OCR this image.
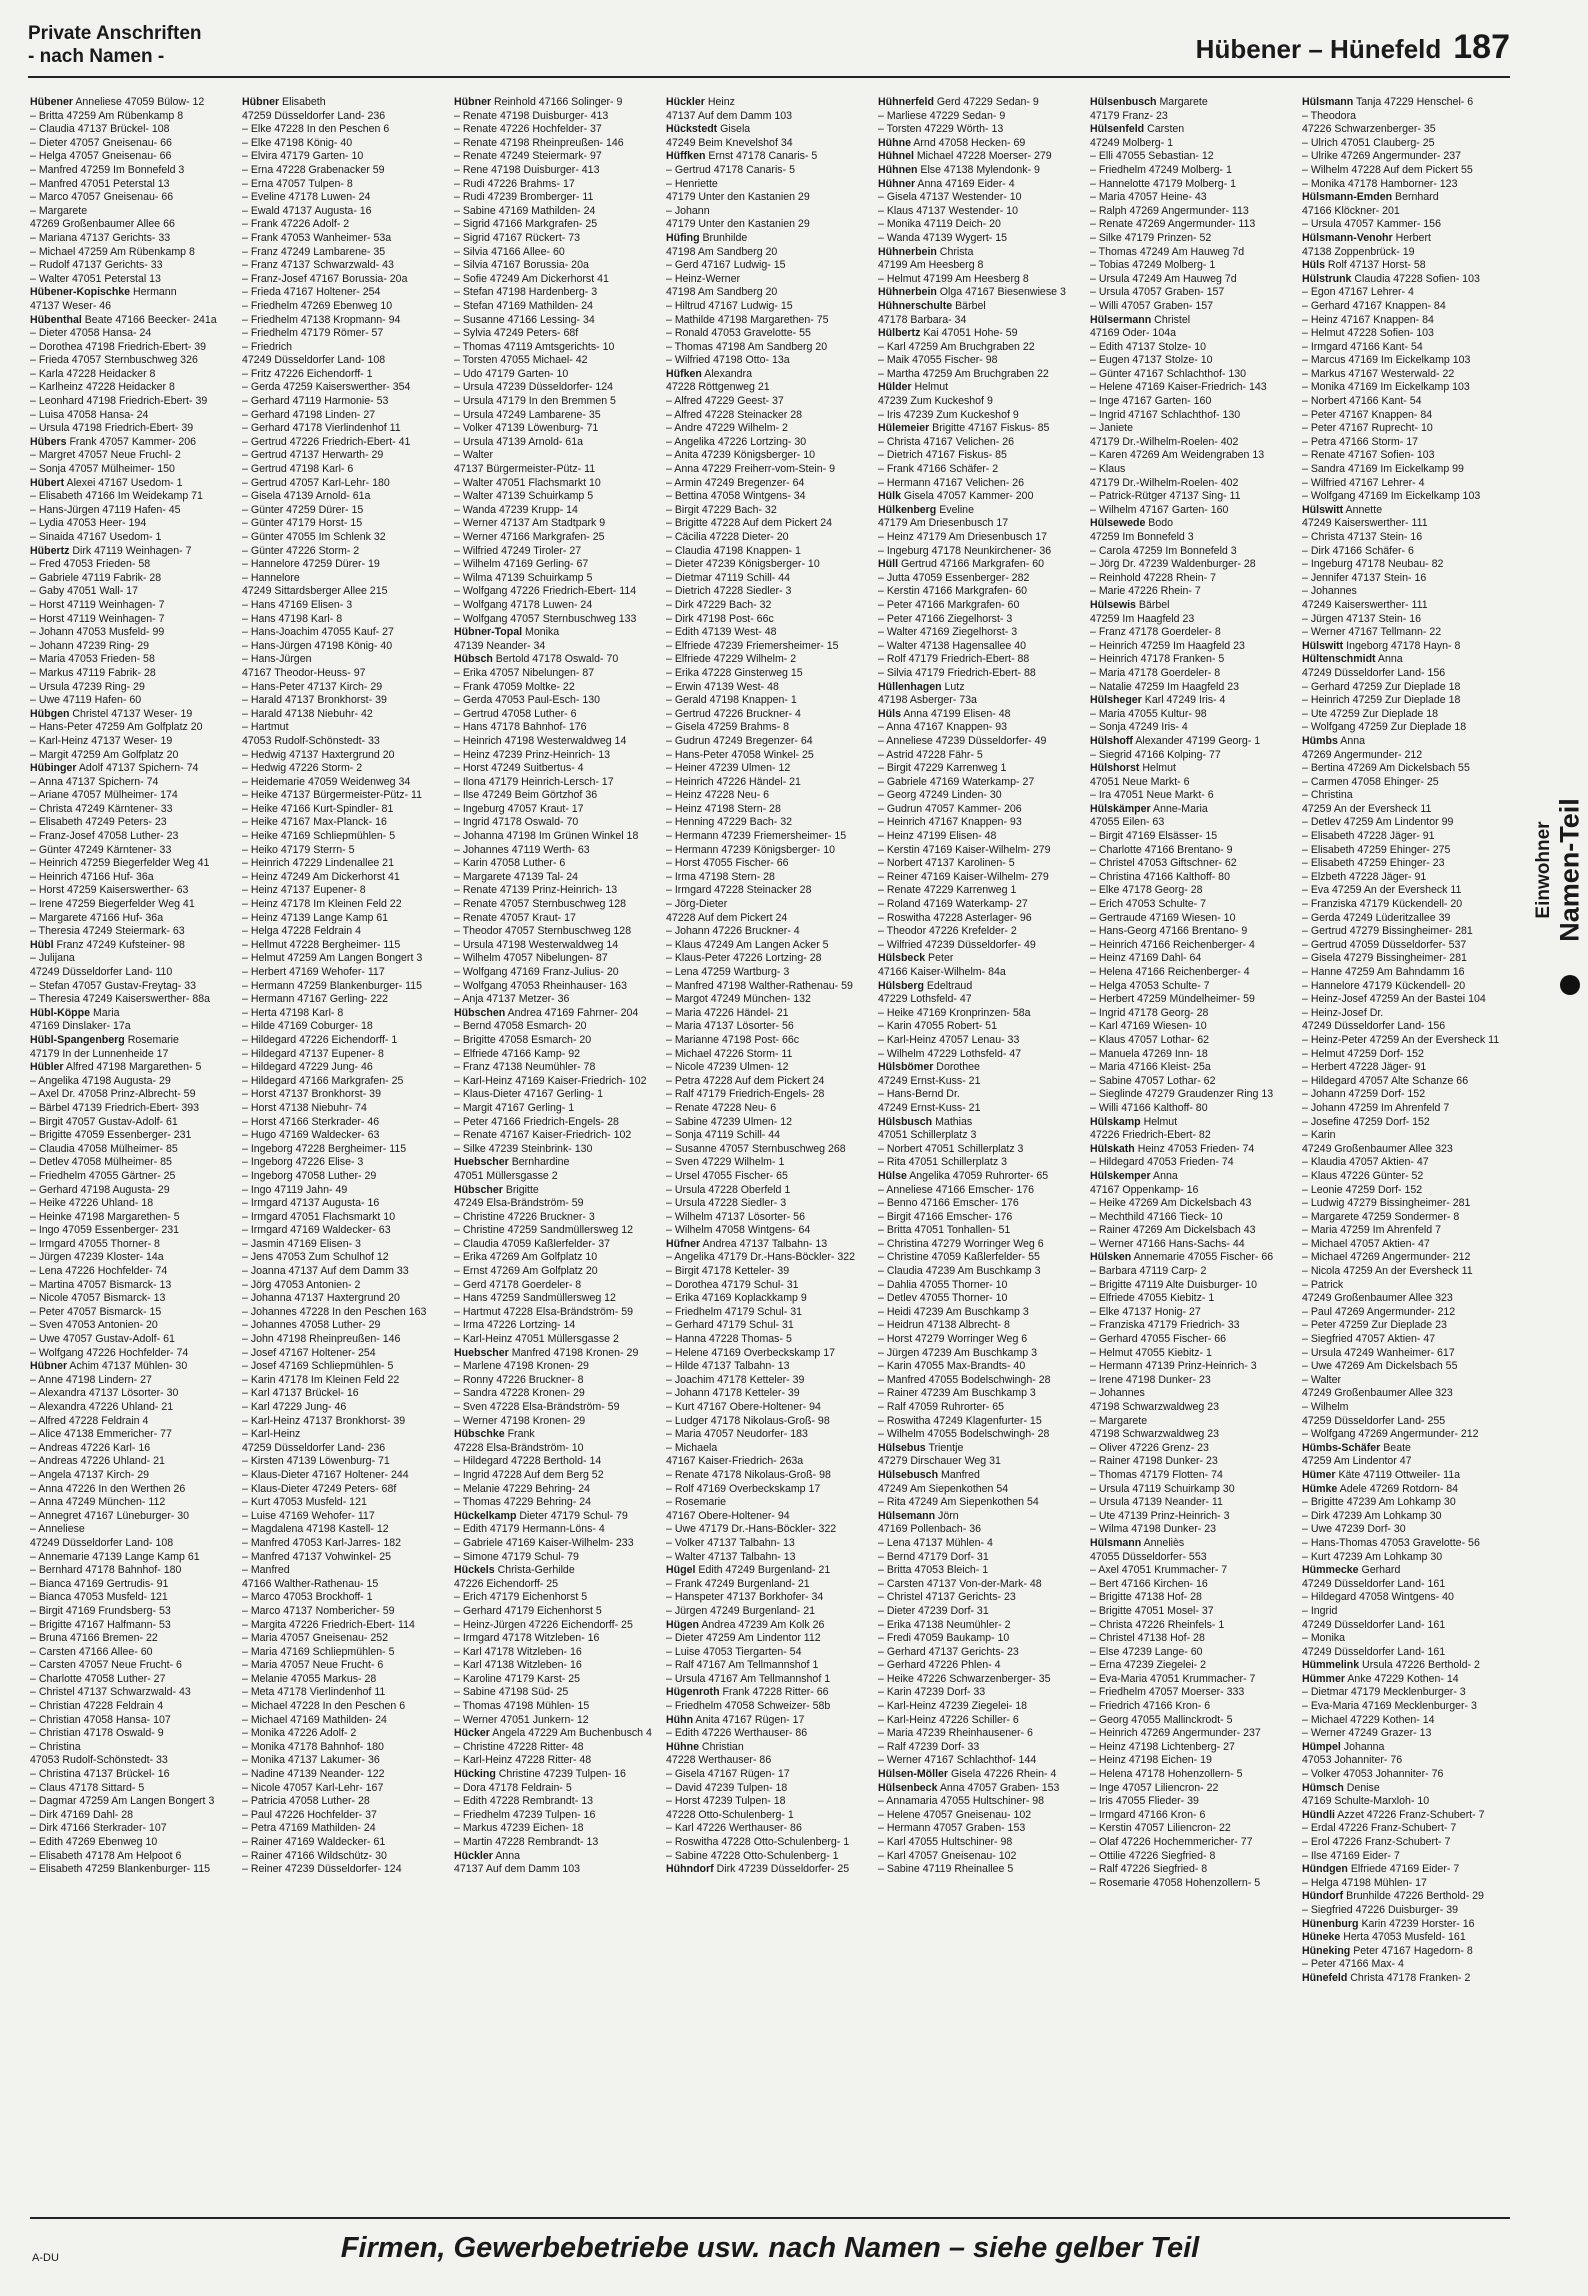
Private Anschriften
- nach Namen -	Hübener – Hünefeld 187
Hübener Anneliese 47059 Bülow- 12
– Britta 47259 Am Rübenkamp 8
– Claudia 47137 Brückel- 108
– Dieter 47057 Gneisenau- 66
– Helga 47057 Gneisenau- 66
– Manfred 47259 Im Bonnefeld 3
– Manfred 47051 Peterstal 13
– Marco 47057 Gneisenau- 66
– Margarete
47269 Großenbaumer Allee 66
– Mariana 47137 Gerichts- 33
– Michael 47259 Am Rübenkamp 8
– Rudolf 47137 Gerichts- 33
– Walter 47051 Peterstal 13
Hübener-Kopischke Hermann
47137 Weser- 46
Hübenthal Beate 47166 Beecker- 241a
– Dieter 47058 Hansa- 24
– Dorothea 47198 Friedrich-Ebert- 39
– Frieda 47057 Sternbuschweg 326
– Karla 47228 Heidacker 8
– Karlheinz 47228 Heidacker 8
– Leonhard 47198 Friedrich-Ebert- 39
– Luisa 47058 Hansa- 24
– Ursula 47198 Friedrich-Ebert- 39
Hübers Frank 47057 Kammer- 206
– Margret 47057 Neue Fruchl- 2
– Sonja 47057 Mülheimer- 150
Hübert Alexei 47167 Usedom- 1
– Elisabeth 47166 Im Weidekamp 71
– Hans-Jürgen 47119 Hafen- 45
– Lydia 47053 Heer- 194
– Sinaida 47167 Usedom- 1
Hübertz Dirk 47119 Weinhagen- 7
– Fred 47053 Frieden- 58
– Gabriele 47119 Fabrik- 28
– Gaby 47051 Wall- 17
– Horst 47119 Weinhagen- 7
– Horst 47119 Weinhagen- 7
– Johann 47053 Musfeld- 99
– Johann 47239 Ring- 29
– Maria 47053 Frieden- 58
– Markus 47119 Fabrik- 28
– Ursula 47239 Ring- 29
– Uwe 47119 Hafen- 60
Hübgen Christel 47137 Weser- 19
– Hans-Peter 47259 Am Golfplatz 20
– Karl-Heinz 47137 Weser- 19
– Margit 47259 Am Golfplatz 20
Hübinger Adolf 47137 Spichern- 74
– Anna 47137 Spichern- 74
– Ariane 47057 Mülheimer- 174
– Christa 47249 Kärntener- 33
– Elisabeth 47249 Peters- 23
– Franz-Josef 47058 Luther- 23
– Günter 47249 Kärntener- 33
– Heinrich 47259 Biegerfelder Weg 41
– Heinrich 47166 Huf- 36a
– Horst 47259 Kaiserswerther- 63
– Irene 47259 Biegerfelder Weg 41
– Margarete 47166 Huf- 36a
– Theresia 47249 Steiermark- 63
Hübl Franz 47249 Kufsteiner- 98
– Julijana
47249 Düsseldorfer Land- 110
– Stefan 47057 Gustav-Freytag- 33
– Theresia 47249 Kaiserswerther- 88a
Hübl-Köppe Maria
47169 Dinslaker- 17a
Hübl-Spangenberg Rosemarie
47179 In der Lunnenheide 17
Hübler Alfred 47198 Margarethen- 5
– Angelika 47198 Augusta- 29
– Axel Dr. 47058 Prinz-Albrecht- 59
– Bärbel 47139 Friedrich-Ebert- 393
– Birgit 47057 Gustav-Adolf- 61
– Brigitte 47059 Essenberger- 231
– Claudia 47058 Mülheimer- 85
– Detlev 47058 Mülheimer- 85
– Friedhelm 47055 Gärtner- 25
– Gerhard 47198 Augusta- 29
– Heike 47226 Uhland- 18
– Heinke 47198 Margarethen- 5
– Ingo 47059 Essenberger- 231
– Irmgard 47055 Thorner- 8
– Jürgen 47239 Kloster- 14a
– Lena 47226 Hochfelder- 74
– Martina 47057 Bismarck- 13
– Nicole 47057 Bismarck- 13
– Peter 47057 Bismarck- 15
– Sven 47053 Antonien- 20
– Uwe 47057 Gustav-Adolf- 61
– Wolfgang 47226 Hochfelder- 74
Hübner Achim 47137 Mühlen- 30
– Anne 47198 Lindern- 27
– Alexandra 47137 Lösorter- 30
– Alexandra 47226 Uhland- 21
– Alfred 47228 Feldrain 4
– Alice 47138 Emmericher- 77
– Andreas 47226 Karl- 16
– Andreas 47226 Uhland- 21
– Angela 47137 Kirch- 29
– Anna 47226 In den Werthen 26
– Anna 47249 München- 112
– Annegret 47167 Lüneburger- 30
– Anneliese
47249 Düsseldorfer Land- 108
– Annemarie 47139 Lange Kamp 61
– Bernhard 47178 Bahnhof- 180
– Bianca 47169 Gertrudis- 91
– Bianca 47053 Musfeld- 121
– Birgit 47169 Frundsberg- 53
– Brigitte 47167 Halfmann- 53
– Bruna 47166 Bremen- 22
– Carsten 47166 Allee- 60
– Carsten 47057 Neue Frucht- 6
– Charlotte 47058 Luther- 27
– Christel 47137 Schwarzwald- 43
– Christian 47228 Feldrain 4
– Christian 47058 Hansa- 107
– Christian 47178 Oswald- 9
– Christina
47053 Rudolf-Schönstedt- 33
– Christina 47137 Brückel- 16
– Claus 47178 Sittard- 5
– Dagmar 47259 Am Langen Bongert 3
– Dirk 47169 Dahl- 28
– Dirk 47166 Sterkrader- 107
– Edith 47269 Ebenweg 10
– Elisabeth 47178 Am Helpoot 6
– Elisabeth 47259 Blankenburger- 115
Hübner Elisabeth
47259 Düsseldorfer Land- 236
– Elke 47228 In den Peschen 6
– Elke 47198 König- 40
– Elvira 47179 Garten- 10
– Erna 47228 Grabenacker 59
– Erna 47057 Tulpen- 8
– Eveline 47178 Luwen- 24
– Ewald 47137 Augusta- 16
– Frank 47226 Adolf- 2
– Frank 47053 Wanheimer- 53a
– Franz 47249 Lambarene- 35
– Franz 47137 Schwarzwald- 43
– Franz-Josef 47167 Borussia- 20a
– Frieda 47167 Holtener- 254
– Friedhelm 47269 Ebenweg 10
– Friedhelm 47138 Kropmann- 94
– Friedhelm 47179 Römer- 57
– Friedrich
47249 Düsseldorfer Land- 108
– Fritz 47226 Eichendorff- 1
– Gerda 47259 Kaiserswerther- 354
– Gerhard 47119 Harmonie- 53
– Gerhard 47198 Linden- 27
– Gerhard 47178 Vierlindenhof 11
– Gertrud 47226 Friedrich-Ebert- 41
– Gertrud 47137 Herwarth- 29
– Gertrud 47198 Karl- 6
– Gertrud 47057 Karl-Lehr- 180
– Gisela 47139 Arnold- 61a
– Günter 47259 Dürer- 15
– Günter 47179 Horst- 15
– Günter 47055 Im Schlenk 32
– Günter 47226 Storm- 2
– Hannelore 47259 Dürer- 19
– Hannelore
47249 Sittardsberger Allee 215
– Hans 47169 Elisen- 3
– Hans 47198 Karl- 8
– Hans-Joachim 47055 Kauf- 27
– Hans-Jürgen 47198 König- 40
– Hans-Jürgen
47167 Theodor-Heuss- 97
– Hans-Peter 47137 Kirch- 29
– Harald 47137 Bronkhorst- 39
– Harald 47138 Niebuhr- 42
– Hartmut
47053 Rudolf-Schönstedt- 33
– Hedwig 47137 Haxtergrund 20
– Hedwig 47226 Storm- 2
– Heidemarie 47059 Weidenweg 34
– Heike 47137 Bürgermeister-Pütz- 11
– Heike 47166 Kurt-Spindler- 81
– Heike 47167 Max-Planck- 16
– Heike 47169 Schliepmühlen- 5
– Heiko 47179 Sterrn- 5
– Heinrich 47229 Lindenallee 21
– Heinz 47249 Am Dickerhorst 41
– Heinz 47137 Eupener- 8
– Heinz 47178 Im Kleinen Feld 22
– Heinz 47139 Lange Kamp 61
– Helga 47228 Feldrain 4
– Hellmut 47228 Bergheimer- 115
– Helmut 47259 Am Langen Bongert 3
– Herbert 47169 Wehofer- 117
– Hermann 47259 Blankenburger- 115
– Hermann 47167 Gerling- 222
– Herta 47198 Karl- 8
– Hilde 47169 Coburger- 18
– Hildegard 47226 Eichendorff- 1
– Hildegard 47137 Eupener- 8
– Hildegard 47229 Jung- 46
– Hildegard 47166 Markgrafen- 25
– Horst 47137 Bronkhorst- 39
– Horst 47138 Niebuhr- 74
– Horst 47166 Sterkrader- 46
– Hugo 47169 Waldecker- 63
– Ingeborg 47228 Bergheimer- 115
– Ingeborg 47226 Elise- 3
– Ingeborg 47058 Luther- 29
– Ingo 47119 Jahn- 49
– Irmgard 47137 Augusta- 16
– Irmgard 47051 Flachsmarkt 10
– Irmgard 47169 Waldecker- 63
– Jasmin 47169 Elisen- 3
– Jens 47053 Zum Schulhof 12
– Joanna 47137 Auf dem Damm 33
– Jörg 47053 Antonien- 2
– Johanna 47137 Haxtergrund 20
– Johannes 47228 In den Peschen 163
– Johannes 47058 Luther- 29
– John 47198 Rheinpreußen- 146
– Josef 47167 Holtener- 254
– Josef 47169 Schliepmühlen- 5
– Karin 47178 Im Kleinen Feld 22
– Karl 47137 Brückel- 16
– Karl 47229 Jung- 46
– Karl-Heinz 47137 Bronkhorst- 39
– Karl-Heinz
47259 Düsseldorfer Land- 236
– Kirsten 47139 Löwenburg- 71
– Klaus-Dieter 47167 Holtener- 244
– Klaus-Dieter 47249 Peters- 68f
– Kurt 47053 Musfeld- 121
– Luise 47169 Wehofer- 117
– Magdalena 47198 Kastell- 12
– Manfred 47053 Karl-Jarres- 182
– Manfred 47137 Vohwinkel- 25
– Manfred
47166 Walther-Rathenau- 15
– Marco 47053 Brockhoff- 1
– Marco 47137 Nombericher- 59
– Margita 47226 Friedrich-Ebert- 114
– Maria 47057 Gneisenau- 252
– Maria 47169 Schliepmühlen- 5
– Maria 47057 Neue Frucht- 6
– Melanie 47055 Markus- 28
– Meta 47178 Vierlindenhof 11
– Michael 47228 In den Peschen 6
– Michael 47169 Mathilden- 24
– Monika 47226 Adolf- 2
– Monika 47178 Bahnhof- 180
– Monika 47137 Lakumer- 36
– Nadine 47139 Neander- 122
– Nicole 47057 Karl-Lehr- 167
– Patricia 47058 Luther- 28
– Paul 47226 Hochfelder- 37
– Petra 47169 Mathilden- 24
– Rainer 47169 Waldecker- 61
– Rainer 47166 Wildschütz- 30
– Reiner 47239 Düsseldorfer- 124
Hübner Reinhold 47166 Solinger- 9
– Renate 47198 Duisburger- 413
– Renate 47226 Hochfelder- 37
– Renate 47198 Rheinpreußen- 146
– Renate 47249 Steiermark- 97
– Rene 47198 Duisburger- 413
– Rudi 47226 Brahms- 17
– Rudi 47239 Bromberger- 11
– Sabine 47169 Mathilden- 24
– Sigrid 47166 Markgrafen- 25
– Sigrid 47167 Rückert- 73
– Silvia 47166 Allee- 60
– Silvia 47167 Borussia- 20a
– Sofie 47249 Am Dickerhorst 41
– Stefan 47198 Hardenberg- 3
– Stefan 47169 Mathilden- 24
– Susanne 47166 Lessing- 34
– Sylvia 47249 Peters- 68f
– Thomas 47119 Amtsgerichts- 10
– Torsten 47055 Michael- 42
– Udo 47179 Garten- 10
– Ursula 47239 Düsseldorfer- 124
– Ursula 47179 In den Bremmen 5
– Ursula 47249 Lambarene- 35
– Volker 47139 Löwenburg- 71
– Ursula 47139 Arnold- 61a
– Walter
47137 Bürgermeister-Pütz- 11
– Walter 47051 Flachsmarkt 10
– Walter 47139 Schuirkamp 5
– Wanda 47239 Krupp- 14
– Werner 47137 Am Stadtpark 9
– Werner 47166 Markgrafen- 25
– Wilfried 47249 Tiroler- 27
– Wilhelm 47169 Gerling- 67
– Wilma 47139 Schuirkamp 5
– Wolfgang 47226 Friedrich-Ebert- 114
– Wolfgang 47178 Luwen- 24
– Wolfgang 47057 Sternbuschweg 133
Hübner-Topal Monika
47139 Neander- 34
Hübsch Bertold 47178 Oswald- 70
– Erika 47057 Nibelungen- 87
– Frank 47059 Moltke- 22
– Gerda 47053 Paul-Esch- 130
– Gertrud 47058 Luther- 6
– Hans 47178 Bahnhof- 176
– Heinrich 47198 Westerwaldweg 14
– Heinz 47239 Prinz-Heinrich- 13
– Horst 47249 Suitbertus- 4
– Ilona 47179 Heinrich-Lersch- 17
– Ilse 47249 Beim Görtzhof 36
– Ingeburg 47057 Kraut- 17
– Ingrid 47178 Oswald- 70
– Johanna 47198 Im Grünen Winkel 18
– Johannes 47119 Werth- 63
– Karin 47058 Luther- 6
– Margarete 47139 Tal- 24
– Renate 47139 Prinz-Heinrich- 13
– Renate 47057 Sternbuschweg 128
– Renate 47057 Kraut- 17
– Theodor 47057 Sternbuschweg 128
– Ursula 47198 Westerwaldweg 14
– Wilhelm 47057 Nibelungen- 87
– Wolfgang 47169 Franz-Julius- 20
– Wolfgang 47053 Rheinhauser- 163
– Anja 47137 Metzer- 36
Hübschen Andrea 47169 Fahrner- 204
– Bernd 47058 Esmarch- 20
– Brigitte 47058 Esmarch- 20
– Elfriede 47166 Kamp- 92
– Franz 47138 Neumühler- 78
– Karl-Heinz 47169 Kaiser-Friedrich- 102
– Klaus-Dieter 47167 Gerling- 1
– Margit 47167 Gerling- 1
– Peter 47166 Friedrich-Engels- 28
– Renate 47167 Kaiser-Friedrich- 102
– Silke 47239 Steinbrink- 130
Huebscher Bernhardine
47051 Müllersgasse 2
Hübscher Brigitte
47249 Elsa-Brändström- 59
– Christine 47226 Bruckner- 3
– Christine 47259 Sandmüllersweg 12
– Claudia 47059 Kaßlerfelder- 37
– Erika 47269 Am Golfplatz 10
– Ernst 47269 Am Golfplatz 20
– Gerd 47178 Goerdeler- 8
– Hans 47259 Sandmüllersweg 12
– Hartmut 47228 Elsa-Brändström- 59
– Irma 47226 Lortzing- 14
– Karl-Heinz 47051 Müllersgasse 2
Huebscher Manfred 47198 Kronen- 29
– Marlene 47198 Kronen- 29
– Ronny 47226 Bruckner- 8
– Sandra 47228 Kronen- 29
– Sven 47228 Elsa-Brändström- 59
– Werner 47198 Kronen- 29
Hübschke Frank
47228 Elsa-Brändström- 10
– Hildegard 47228 Berthold- 14
– Ingrid 47228 Auf dem Berg 52
– Melanie 47229 Behring- 24
– Thomas 47229 Behring- 24
Hückelkamp Dieter 47179 Schul- 79
– Edith 47179 Hermann-Löns- 4
– Gabriele 47169 Kaiser-Wilhelm- 233
– Simone 47179 Schul- 79
Hückels Christa-Gerhilde
47226 Eichendorff- 25
– Erich 47179 Eichenhorst 5
– Gerhard 47179 Eichenhorst 5
– Heinz-Jürgen 47226 Eichendorff- 25
– Irmgard 47178 Witzleben- 16
– Karl 47178 Witzleben- 16
– Karl 47138 Witzleben- 16
– Karoline 47179 Karst- 25
– Sabine 47198 Süd- 25
– Thomas 47198 Mühlen- 15
– Werner 47051 Junkern- 12
Hücker Angela 47229 Am Buchenbusch 4
– Christine 47228 Ritter- 48
– Karl-Heinz 47228 Ritter- 48
Hücking Christine 47239 Tulpen- 16
– Dora 47178 Feldrain- 5
– Edith 47228 Rembrandt- 13
– Friedhelm 47239 Tulpen- 16
– Markus 47239 Eichen- 18
– Martin 47228 Rembrandt- 13
Hückler Anna
47137 Auf dem Damm 103
Hückler Heinz
47137 Auf dem Damm 103
Hückstedt Gisela
47249 Beim Knevelshof 34
Hüffken Ernst 47178 Canaris- 5
– Gertrud 47178 Canaris- 5
– Henriette
47179 Unter den Kastanien 29
– Johann
47179 Unter den Kastanien 29
Hüfing Brunhilde
47198 Am Sandberg 20
– Gerd 47167 Ludwig- 15
– Heinz-Werner
47198 Am Sandberg 20
– Hiltrud 47167 Ludwig- 15
– Mathilde 47198 Margarethen- 75
– Ronald 47053 Gravelotte- 55
– Thomas 47198 Am Sandberg 20
– Wilfried 47198 Otto- 13a
Hüfken Alexandra
47228 Röttgenweg 21
– Alfred 47229 Geest- 37
– Alfred 47228 Steinacker 28
– Andre 47229 Wilhelm- 2
– Angelika 47226 Lortzing- 30
– Anita 47239 Königsberger- 10
– Anna 47229 Freiherr-vom-Stein- 9
– Armin 47249 Bregenzer- 64
– Bettina 47058 Wintgens- 34
– Birgit 47229 Bach- 32
– Brigitte 47228 Auf dem Pickert 24
– Cäcilia 47228 Dieter- 20
– Claudia 47198 Knappen- 1
– Dieter 47239 Königsberger- 10
– Dietmar 47119 Schill- 44
– Dietrich 47228 Siedler- 3
– Dirk 47229 Bach- 32
– Dirk 47198 Post- 66c
– Edith 47139 West- 48
– Elfriede 47239 Friemersheimer- 15
– Elfriede 47229 Wilhelm- 2
– Erika 47228 Ginsterweg 15
– Erwin 47139 West- 48
– Gerald 47198 Knappen- 1
– Gertrud 47226 Bruckner- 4
– Gisela 47259 Brahms- 8
– Gudrun 47249 Bregenzer- 64
– Hans-Peter 47058 Winkel- 25
– Heiner 47239 Ulmen- 12
– Heinrich 47226 Händel- 21
– Heinz 47228 Neu- 6
– Heinz 47198 Stern- 28
– Henning 47229 Bach- 32
– Hermann 47239 Friemersheimer- 15
– Hermann 47239 Königsberger- 10
– Horst 47055 Fischer- 66
– Irma 47198 Stern- 28
– Irmgard 47228 Steinacker 28
– Jörg-Dieter
47228 Auf dem Pickert 24
– Johann 47226 Bruckner- 4
– Klaus 47249 Am Langen Acker 5
– Klaus-Peter 47226 Lortzing- 28
– Lena 47259 Wartburg- 3
– Manfred 47198 Walther-Rathenau- 59
– Margot 47249 München- 132
– Maria 47226 Händel- 21
– Maria 47137 Lösorter- 56
– Marianne 47198 Post- 66c
– Michael 47226 Storm- 11
– Nicole 47239 Ulmen- 12
– Petra 47228 Auf dem Pickert 24
– Ralf 47179 Friedrich-Engels- 28
– Renate 47228 Neu- 6
– Sabine 47239 Ulmen- 12
– Sonja 47119 Schill- 44
– Susanne 47057 Sternbuschweg 268
– Sven 47229 Wilhelm- 1
– Ursel 47055 Fischer- 65
– Ursula 47228 Oberfeld 1
– Ursula 47228 Siedler- 3
– Wilhelm 47137 Lösorter- 56
– Wilhelm 47058 Wintgens- 64
Hüfner Andrea 47137 Talbahn- 13
– Angelika 47179 Dr.-Hans-Böckler- 322
– Birgit 47178 Ketteler- 39
– Dorothea 47179 Schul- 31
– Erika 47169 Koplackkamp 9
– Friedhelm 47179 Schul- 31
– Gerhard 47179 Schul- 31
– Hanna 47228 Thomas- 5
– Helene 47169 Overbeckskamp 17
– Hilde 47137 Talbahn- 13
– Joachim 47178 Ketteler- 39
– Johann 47178 Ketteler- 39
– Kurt 47167 Obere-Holtener- 94
– Ludger 47178 Nikolaus-Groß- 98
– Maria 47057 Neudorfer- 183
– Michaela
47167 Kaiser-Friedrich- 263a
– Renate 47178 Nikolaus-Groß- 98
– Rolf 47169 Overbeckskamp 17
– Rosemarie
47167 Obere-Holtener- 94
– Uwe 47179 Dr.-Hans-Böckler- 322
– Volker 47137 Talbahn- 13
– Walter 47137 Talbahn- 13
Hügel Edith 47249 Burgenland- 21
– Frank 47249 Burgenland- 21
– Hanspeter 47137 Borkhofer- 34
– Jürgen 47249 Burgenland- 21
Hügen Andrea 47239 Am Kolk 26
– Dieter 47259 Am Lindentor 112
– Luise 47053 Tiergarten- 54
– Ralf 47167 Am Tellmannshof 1
– Ursula 47167 Am Tellmannshof 1
Hügenroth Frank 47228 Ritter- 66
– Friedhelm 47058 Schweizer- 58b
Hühn Anita 47167 Rügen- 17
– Edith 47226 Werthauser- 86
Hühne Christian
47228 Werthauser- 86
– Gisela 47167 Rügen- 17
– David 47239 Tulpen- 18
– Horst 47239 Tulpen- 18
47228 Otto-Schulenberg- 1
– Karl 47226 Werthauser- 86
– Roswitha 47228 Otto-Schulenberg- 1
– Sabine 47228 Otto-Schulenberg- 1
Hühndorf Dirk 47239 Düsseldorfer- 25
Hühnerfeld Gerd 47229 Sedan- 9
– Marliese 47229 Sedan- 9
– Torsten 47229 Wörth- 13
Hühne Arnd 47058 Hecken- 69
Hühnel Michael 47228 Moerser- 279
Hühnen Else 47138 Mylendonk- 9
Hühner Anna 47169 Eider- 4
– Gisela 47137 Westender- 10
– Klaus 47137 Westender- 10
– Monika 47119 Deich- 20
– Wanda 47139 Wygert- 15
Hühnerbein Christa
47199 Am Heesberg 8
– Helmut 47199 Am Heesberg 8
Hühnerbein Olga 47167 Biesenwiese 3
Hühnerschulte Bärbel
47178 Barbara- 34
Hülbertz Kai 47051 Hohe- 59
– Karl 47259 Am Bruchgraben 22
– Maik 47055 Fischer- 98
– Martha 47259 Am Bruchgraben 22
Hülder Helmut
47239 Zum Kuckeshof 9
– Iris 47239 Zum Kuckeshof 9
Hülemeier Brigitte 47167 Fiskus- 85
– Christa 47167 Velichen- 26
– Dietrich 47167 Fiskus- 85
– Frank 47166 Schäfer- 2
– Hermann 47167 Velichen- 26
Hülk Gisela 47057 Kammer- 200
Hülkenberg Eveline
47179 Am Driesenbusch 17
– Heinz 47179 Am Driesenbusch 17
– Ingeburg 47178 Neunkirchener- 36
Hüll Gertrud 47166 Markgrafen- 60
– Jutta 47059 Essenberger- 282
– Kerstin 47166 Markgrafen- 60
– Peter 47166 Markgrafen- 60
– Peter 47166 Ziegelhorst- 3
– Walter 47169 Ziegelhorst- 3
– Walter 47138 Hagensallee 40
– Rolf 47179 Friedrich-Ebert- 88
– Silvia 47179 Friedrich-Ebert- 88
Hüllenhagen Lutz
47198 Asberger- 73a
Hüls Anna 47199 Elisen- 48
– Anna 47167 Knappen- 93
– Anneliese 47239 Düsseldorfer- 49
– Astrid 47228 Fähr- 5
– Birgit 47229 Karrenweg 1
– Gabriele 47169 Waterkamp- 27
– Georg 47249 Linden- 30
– Gudrun 47057 Kammer- 206
– Heinrich 47167 Knappen- 93
– Heinz 47199 Elisen- 48
– Kerstin 47169 Kaiser-Wilhelm- 279
– Norbert 47137 Karolinen- 5
– Reiner 47169 Kaiser-Wilhelm- 279
– Renate 47229 Karrenweg 1
– Roland 47169 Waterkamp- 27
– Roswitha 47228 Asterlager- 96
– Theodor 47226 Krefelder- 2
– Wilfried 47239 Düsseldorfer- 49
Hülsbeck Peter
47166 Kaiser-Wilhelm- 84a
Hülsberg Edeltraud
47229 Lothsfeld- 47
– Heike 47169 Kronprinzen- 58a
– Karin 47055 Robert- 51
– Karl-Heinz 47057 Lenau- 33
– Wilhelm 47229 Lothsfeld- 47
Hülsbömer Dorothee
47249 Ernst-Kuss- 21
– Hans-Bernd Dr.
47249 Ernst-Kuss- 21
Hülsbusch Mathias
47051 Schillerplatz 3
– Norbert 47051 Schillerplatz 3
– Rita 47051 Schillerplatz 3
Hülse Angelika 47059 Ruhrorter- 65
– Anneliese 47166 Emscher- 176
– Benno 47166 Emscher- 176
– Birgit 47166 Emscher- 176
– Britta 47051 Tonhallen- 51
– Christina 47279 Worringer Weg 6
– Christine 47059 Kaßlerfelder- 55
– Claudia 47239 Am Buschkamp 3
– Dahlia 47055 Thorner- 10
– Detlev 47055 Thorner- 10
– Heidi 47239 Am Buschkamp 3
– Heidrun 47138 Albrecht- 8
– Horst 47279 Worringer Weg 6
– Jürgen 47239 Am Buschkamp 3
– Karin 47055 Max-Brandts- 40
– Manfred 47055 Bodelschwingh- 28
– Rainer 47239 Am Buschkamp 3
– Ralf 47059 Ruhrorter- 65
– Roswitha 47249 Klagenfurter- 15
– Wilhelm 47055 Bodelschwingh- 28
Hülsebus Trientje
47279 Dirschauer Weg 31
Hülsebusch Manfred
47249 Am Siepenkothen 54
– Rita 47249 Am Siepenkothen 54
Hülsemann Jörn
47169 Pollenbach- 36
– Lena 47137 Mühlen- 4
– Bernd 47179 Dorf- 31
– Britta 47053 Bleich- 1
– Carsten 47137 Von-der-Mark- 48
– Christel 47137 Gerichts- 23
– Dieter 47239 Dorf- 31
– Erika 47138 Neumühler- 2
– Fredi 47059 Baukamp- 10
– Gerhard 47137 Gerichts- 23
– Gerhard 47226 Phlen- 4
– Heike 47226 Schwarzenberger- 35
– Karin 47239 Dorf- 33
– Karl-Heinz 47239 Ziegelei- 18
– Karl-Heinz 47226 Schiller- 6
– Maria 47239 Rheinhausener- 6
– Ralf 47239 Dorf- 33
– Werner 47167 Schlachthof- 144
Hülsen-Möller Gisela 47226 Rhein- 4
Hülsenbeck Anna 47057 Graben- 153
– Annamaria 47055 Hultschiner- 98
– Helene 47057 Gneisenau- 102
– Hermann 47057 Graben- 153
– Karl 47055 Hultschiner- 98
– Karl 47057 Gneisenau- 102
– Sabine 47119 Rheinallee 5
Hülsenbusch Margarete
47179 Franz- 23
Hülsenfeld Carsten
47249 Molberg- 1
– Elli 47055 Sebastian- 12
– Friedhelm 47249 Molberg- 1
– Hannelotte 47179 Molberg- 1
– Maria 47057 Heine- 43
– Ralph 47269 Angermunder- 113
– Renate 47269 Angermunder- 113
– Silke 47179 Prinzen- 52
– Thomas 47249 Am Hauweg 7d
– Tobias 47249 Molberg- 1
– Ursula 47249 Am Hauweg 7d
– Ursula 47057 Graben- 157
– Willi 47057 Graben- 157
Hülsermann Christel
47169 Oder- 104a
– Edith 47137 Stolze- 10
– Eugen 47137 Stolze- 10
– Günter 47167 Schlachthof- 130
– Helene 47169 Kaiser-Friedrich- 143
– Inge 47167 Garten- 160
– Ingrid 47167 Schlachthof- 130
– Janiete
47179 Dr.-Wilhelm-Roelen- 402
– Karen 47269 Am Weidengraben 13
– Klaus
47179 Dr.-Wilhelm-Roelen- 402
– Patrick-Rütger 47137 Sing- 11
– Wilhelm 47167 Garten- 160
Hülsewede Bodo
47259 Im Bonnefeld 3
– Carola 47259 Im Bonnefeld 3
– Jörg Dr. 47239 Waldenburger- 28
– Reinhold 47228 Rhein- 7
– Marie 47226 Rhein- 7
Hülsewis Bärbel
47259 Im Haagfeld 23
– Franz 47178 Goerdeler- 8
– Heinrich 47259 Im Haagfeld 23
– Heinrich 47178 Franken- 5
– Maria 47178 Goerdeler- 8
– Natalie 47259 Im Haagfeld 23
Hülsheger Karl 47249 Iris- 4
– Maria 47055 Kultur- 98
– Sonja 47249 Iris- 4
Hülshoff Alexander 47199 Georg- 1
– Siegrid 47166 Kolping- 77
Hülshorst Helmut
47051 Neue Markt- 6
– Ira 47051 Neue Markt- 6
Hülskämper Anne-Maria
47055 Eilen- 63
– Birgit 47169 Elsässer- 15
– Charlotte 47166 Brentano- 9
– Christel 47053 Giftschner- 62
– Christina 47166 Kalthoff- 80
– Elke 47178 Georg- 28
– Erich 47053 Schulte- 7
– Gertraude 47169 Wiesen- 10
– Hans-Georg 47166 Brentano- 9
– Heinrich 47166 Reichenberger- 4
– Heinz 47169 Dahl- 64
– Helena 47166 Reichenberger- 4
– Helga 47053 Schulte- 7
– Herbert 47259 Mündelheimer- 59
– Ingrid 47178 Georg- 28
– Karl 47169 Wiesen- 10
– Klaus 47057 Lothar- 62
– Manuela 47269 Inn- 18
– Maria 47166 Kleist- 25a
– Sabine 47057 Lothar- 62
– Sieglinde 47279 Graudenzer Ring 13
– Willi 47166 Kalthoff- 80
Hülskamp Helmut
47226 Friedrich-Ebert- 82
Hülskath Heinz 47053 Frieden- 74
– Hildegard 47053 Frieden- 74
Hülskemper Anna
47167 Oppenkamp- 16
– Heike 47269 Am Dickelsbach 43
– Mechthild 47166 Tieck- 10
– Rainer 47269 Am Dickelsbach 43
– Werner 47166 Hans-Sachs- 44
Hülsken Annemarie 47055 Fischer- 66
– Barbara 47119 Carp- 2
– Brigitte 47119 Alte Duisburger- 10
– Elfriede 47055 Kiebitz- 1
– Elke 47137 Honig- 27
– Franziska 47179 Friedrich- 33
– Gerhard 47055 Fischer- 66
– Helmut 47055 Kiebitz- 1
– Hermann 47139 Prinz-Heinrich- 3
– Irene 47198 Dunker- 23
– Johannes
47198 Schwarzwaldweg 23
– Margarete
47198 Schwarzwaldweg 23
– Oliver 47226 Grenz- 23
– Rainer 47198 Dunker- 23
– Thomas 47179 Flotten- 74
– Ursula 47119 Schuirkamp 30
– Ursula 47139 Neander- 11
– Ute 47139 Prinz-Heinrich- 3
– Wilma 47198 Dunker- 23
Hülsmann Anneliès
47055 Düsseldorfer- 553
– Axel 47051 Krummacher- 7
– Bert 47166 Kirchen- 16
– Brigitte 47138 Hof- 28
– Brigitte 47051 Mosel- 37
– Christa 47226 Rheinfels- 1
– Christel 47138 Hof- 28
– Else 47239 Lange- 60
– Erna 47239 Ziegelei- 2
– Eva-Maria 47051 Krummacher- 7
– Friedhelm 47057 Moerser- 333
– Friedrich 47166 Kron- 6
– Georg 47055 Mallinckrodt- 5
– Heinrich 47269 Angermunder- 237
– Heinz 47198 Lichtenberg- 27
– Heinz 47198 Eichen- 19
– Helena 47178 Hohenzollern- 5
– Inge 47057 Liliencron- 22
– Iris 47055 Flieder- 39
– Irmgard 47166 Kron- 6
– Kerstin 47057 Liliencron- 22
– Olaf 47226 Hochemmericher- 77
– Ottilie 47226 Siegfried- 8
– Ralf 47226 Siegfried- 8
– Rosemarie 47058 Hohenzollern- 5
Hülsmann Tanja 47229 Henschel- 6
– Theodora
47226 Schwarzenberger- 35
– Ulrich 47051 Clauberg- 25
– Ulrike 47269 Angermunder- 237
– Wilhelm 47228 Auf dem Pickert 55
– Monika 47178 Hamborner- 123
Hülsmann-Emden Bernhard
47166 Klöckner- 201
– Ursula 47057 Kammer- 156
Hülsmann-Venohr Herbert
47138 Zoppenbrück- 19
Hüls Rolf 47137 Horst- 58
Hülstrunk Claudia 47228 Sofien- 103
– Egon 47167 Lehrer- 4
– Gerhard 47167 Knappen- 84
– Heinz 47167 Knappen- 84
– Helmut 47228 Sofien- 103
– Irmgard 47166 Kant- 54
– Marcus 47169 Im Eickelkamp 103
– Markus 47167 Westerwald- 22
– Monika 47169 Im Eickelkamp 103
– Norbert 47166 Kant- 54
– Peter 47167 Knappen- 84
– Peter 47167 Ruprecht- 10
– Petra 47166 Storm- 17
– Renate 47167 Sofien- 103
– Sandra 47169 Im Eickelkamp 99
– Wilfried 47167 Lehrer- 4
– Wolfgang 47169 Im Eickelkamp 103
Hülswitt Annette
47249 Kaiserswerther- 111
– Christa 47137 Stein- 16
– Dirk 47166 Schäfer- 6
– Ingeburg 47178 Neubau- 82
– Jennifer 47137 Stein- 16
– Johannes
47249 Kaiserswerther- 111
– Jürgen 47137 Stein- 16
– Werner 47167 Tellmann- 22
Hülswitt Ingeborg 47178 Hayn- 8
Hültenschmidt Anna
47249 Düsseldorfer Land- 156
– Gerhard 47259 Zur Dieplade 18
– Heinrich 47259 Zur Dieplade 18
– Ute 47259 Zur Dieplade 18
– Wolfgang 47259 Zur Dieplade 18
Hümbs Anna
47269 Angermunder- 212
– Bertina 47269 Am Dickelsbach 55
– Carmen 47058 Ehinger- 25
– Christina
47259 An der Eversheck 11
– Detlev 47259 Am Lindentor 99
– Elisabeth 47228 Jäger- 91
– Elisabeth 47259 Ehinger- 275
– Elisabeth 47259 Ehinger- 23
– Elzbeth 47228 Jäger- 91
– Eva 47259 An der Eversheck 11
– Franziska 47179 Kückendell- 20
– Gerda 47249 Lüderitzallee 39
– Gertrud 47279 Bissingheimer- 281
– Gertrud 47059 Düsseldorfer- 537
– Gisela 47279 Bissingheimer- 281
– Hanne 47259 Am Bahndamm 16
– Hannelore 47179 Kückendell- 20
– Heinz-Josef 47259 An der Bastei 104
– Heinz-Josef Dr.
47249 Düsseldorfer Land- 156
– Heinz-Peter 47259 An der Eversheck 11
– Helmut 47259 Dorf- 152
– Herbert 47228 Jäger- 91
– Hildegard 47057 Alte Schanze 66
– Johann 47259 Dorf- 152
– Johann 47259 Im Ahrenfeld 7
– Josefine 47259 Dorf- 152
– Karin
47249 Großenbaumer Allee 323
– Klaudia 47057 Aktien- 47
– Klaus 47226 Günter- 52
– Leonie 47259 Dorf- 152
– Ludwig 47279 Bissingheimer- 281
– Margarete 47259 Sondermer- 8
– Maria 47259 Im Ahrenfeld 7
– Michael 47057 Aktien- 47
– Michael 47269 Angermunder- 212
– Nicola 47259 An der Eversheck 11
– Patrick
47249 Großenbaumer Allee 323
– Paul 47269 Angermunder- 212
– Peter 47259 Zur Dieplade 23
– Siegfried 47057 Aktien- 47
– Ursula 47249 Wanheimer- 617
– Uwe 47269 Am Dickelsbach 55
– Walter
47249 Großenbaumer Allee 323
– Wilhelm
47259 Düsseldorfer Land- 255
– Wolfgang 47269 Angermunder- 212
Hümbs-Schäfer Beate
47259 Am Lindentor 47
Hümer Käte 47119 Ottweiler- 11a
Hümke Adele 47269 Rotdorn- 84
– Brigitte 47239 Am Lohkamp 30
– Dirk 47239 Am Lohkamp 30
– Uwe 47239 Dorf- 30
– Hans-Thomas 47053 Gravelotte- 56
– Kurt 47239 Am Lohkamp 30
Hümmecke Gerhard
47249 Düsseldorfer Land- 161
– Hildegard 47058 Wintgens- 40
– Ingrid
47249 Düsseldorfer Land- 161
– Monika
47249 Düsseldorfer Land- 161
Hümmelink Ursula 47226 Berthold- 2
Hümmer Anke 47229 Kothen- 14
– Dietmar 47179 Mecklenburger- 3
– Eva-Maria 47169 Mecklenburger- 3
– Michael 47229 Kothen- 14
– Werner 47249 Grazer- 13
Hümpel Johanna
47053 Johanniter- 76
– Volker 47053 Johanniter- 76
Hümsch Denise
47169 Schulte-Marxloh- 10
Hündli Azzet 47226 Franz-Schubert- 7
– Erdal 47226 Franz-Schubert- 7
– Erol 47226 Franz-Schubert- 7
– Ilse 47169 Eider- 7
Hündgen Elfriede 47169 Eider- 7
– Helga 47198 Mühlen- 17
Hündorf Brunhilde 47226 Berthold- 29
– Siegfried 47226 Duisburger- 39
Hünenburg Karin 47239 Horster- 16
Hüneke Herta 47053 Musfeld- 161
Hüneking Peter 47167 Hagedorn- 8
– Peter 47166 Max- 4
Hünefeld Christa 47178 Franken- 2
Einwohner Namen-Teil
Firmen, Gewerbebetriebe usw. nach Namen – siehe gelber Teil
A-DU
